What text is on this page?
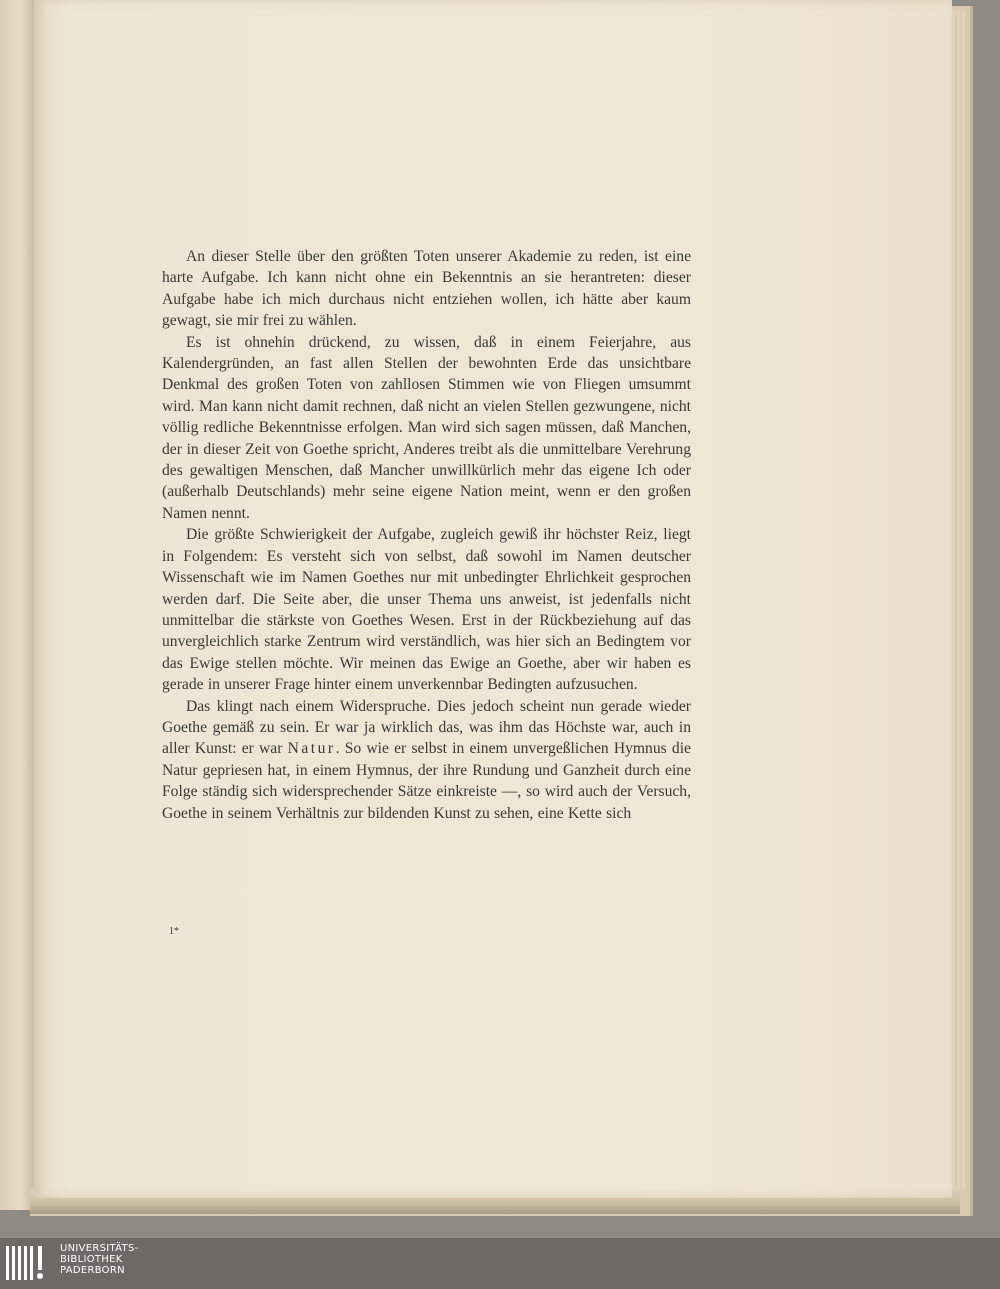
An dieser Stelle über den größten Toten unserer Akademie zu reden, ist eine harte Aufgabe. Ich kann nicht ohne ein Bekenntnis an sie herantreten: dieser Aufgabe habe ich mich durchaus nicht entziehen wollen, ich hätte aber kaum gewagt, sie mir frei zu wählen.

Es ist ohnehin drückend, zu wissen, daß in einem Feierjahre, aus Kalendergründen, an fast allen Stellen der bewohnten Erde das unsichtbare Denkmal des großen Toten von zahllosen Stimmen wie von Fliegen umsummt wird. Man kann nicht damit rechnen, daß nicht an vielen Stellen gezwungene, nicht völlig redliche Bekenntnisse erfolgen. Man wird sich sagen müssen, daß Manchen, der in dieser Zeit von Goethe spricht, Anderes treibt als die unmittelbare Verehrung des gewaltigen Menschen, daß Mancher unwillkürlich mehr das eigene Ich oder (außerhalb Deutschlands) mehr seine eigene Nation meint, wenn er den großen Namen nennt.

Die größte Schwierigkeit der Aufgabe, zugleich gewiß ihr höchster Reiz, liegt in Folgendem: Es versteht sich von selbst, daß sowohl im Namen deutscher Wissenschaft wie im Namen Goethes nur mit unbedingter Ehrlichkeit gesprochen werden darf. Die Seite aber, die unser Thema uns anweist, ist jedenfalls nicht unmittelbar die stärkste von Goethes Wesen. Erst in der Rückbeziehung auf das unvergleichlich starke Zentrum wird verständlich, was hier sich an Bedingtem vor das Ewige stellen möchte. Wir meinen das Ewige an Goethe, aber wir haben es gerade in unserer Frage hinter einem unverkennbar Bedingten aufzusuchen.

Das klingt nach einem Widerspruche. Dies jedoch scheint nun gerade wieder Goethe gemäß zu sein. Er war ja wirklich das, was ihm das Höchste war, auch in aller Kunst: er war Natur. So wie er selbst in einem unvergeßlichen Hymnus die Natur gepriesen hat, in einem Hymnus, der ihre Rundung und Ganzheit durch eine Folge ständig sich widersprechender Sätze einkreiste —, so wird auch der Versuch, Goethe in seinem Verhältnis zur bildenden Kunst zu sehen, eine Kette sich

1*
UNIVERSITÄTS-
BIBLIOTHEK
PADERBORN
